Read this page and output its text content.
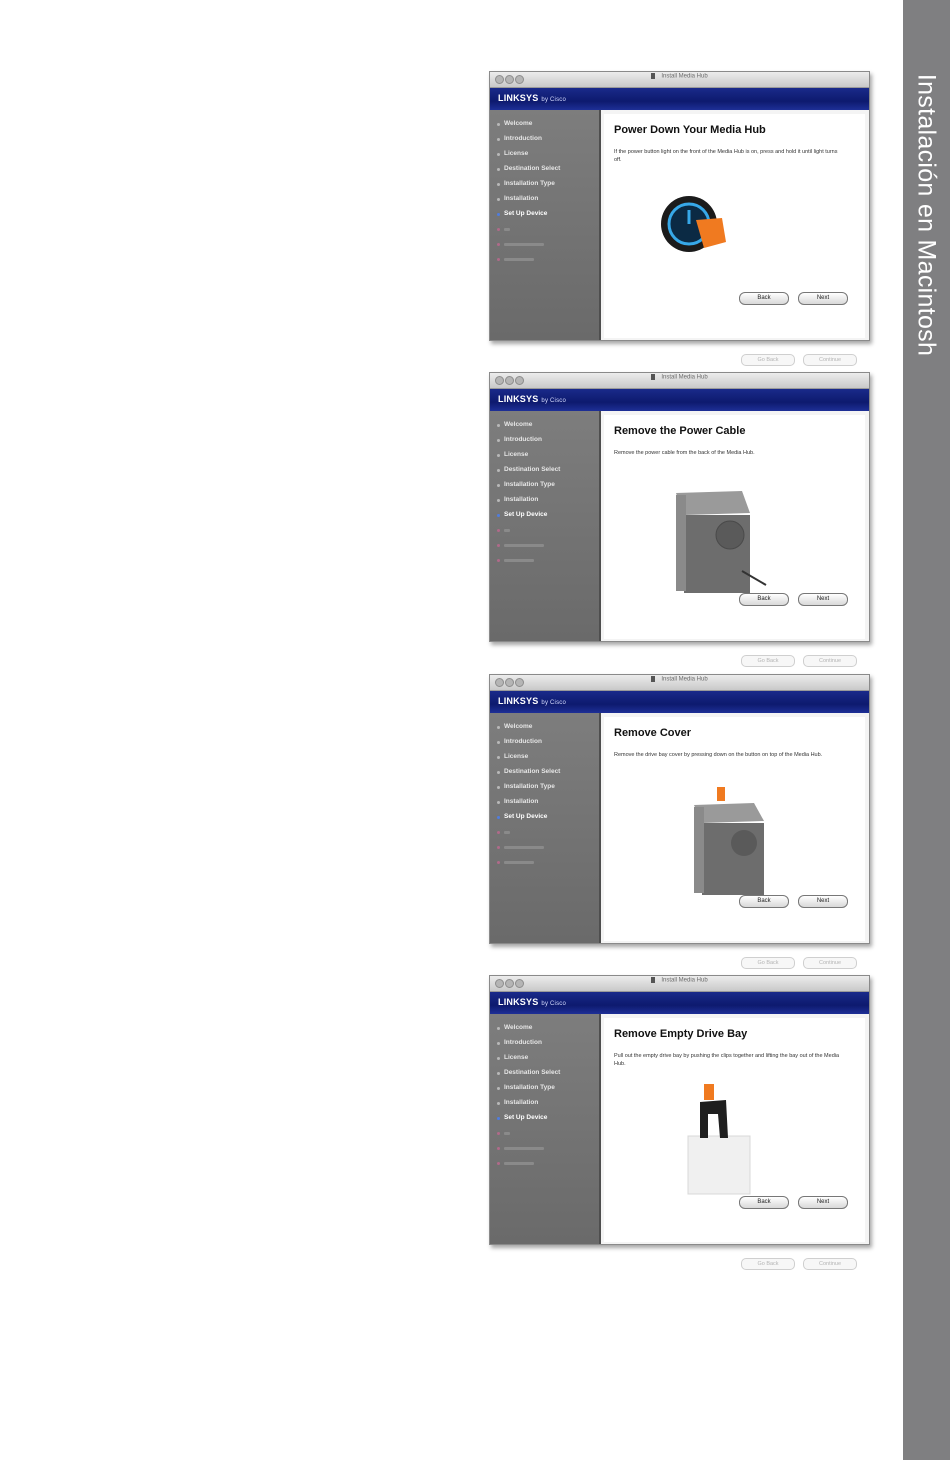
Instalación en Macintosh
Install Media Hub
LINKSYS by Cisco
Welcome
Introduction
License
Destination Select
Installation Type
Installation
Set Up Device
Power Down Your Media Hub
If the power button light on the front of the Media Hub is on, press and hold it until light turns off.
Back	Next
Go Back	Continue
Install Media Hub
LINKSYS by Cisco
Welcome
Introduction
License
Destination Select
Installation Type
Installation
Set Up Device
Remove the Power Cable
Remove the power cable from the back of the Media Hub.
Back	Next
Go Back	Continue
Install Media Hub
LINKSYS by Cisco
Welcome
Introduction
License
Destination Select
Installation Type
Installation
Set Up Device
Remove Cover
Remove the drive bay cover by pressing down on the button on top of the Media Hub.
Back	Next
Go Back	Continue
Install Media Hub
LINKSYS by Cisco
Welcome
Introduction
License
Destination Select
Installation Type
Installation
Set Up Device
Remove Empty Drive Bay
Pull out the empty drive bay by pushing the clips together and lifting the bay out of the Media Hub.
Back	Next
Go Back	Continue
